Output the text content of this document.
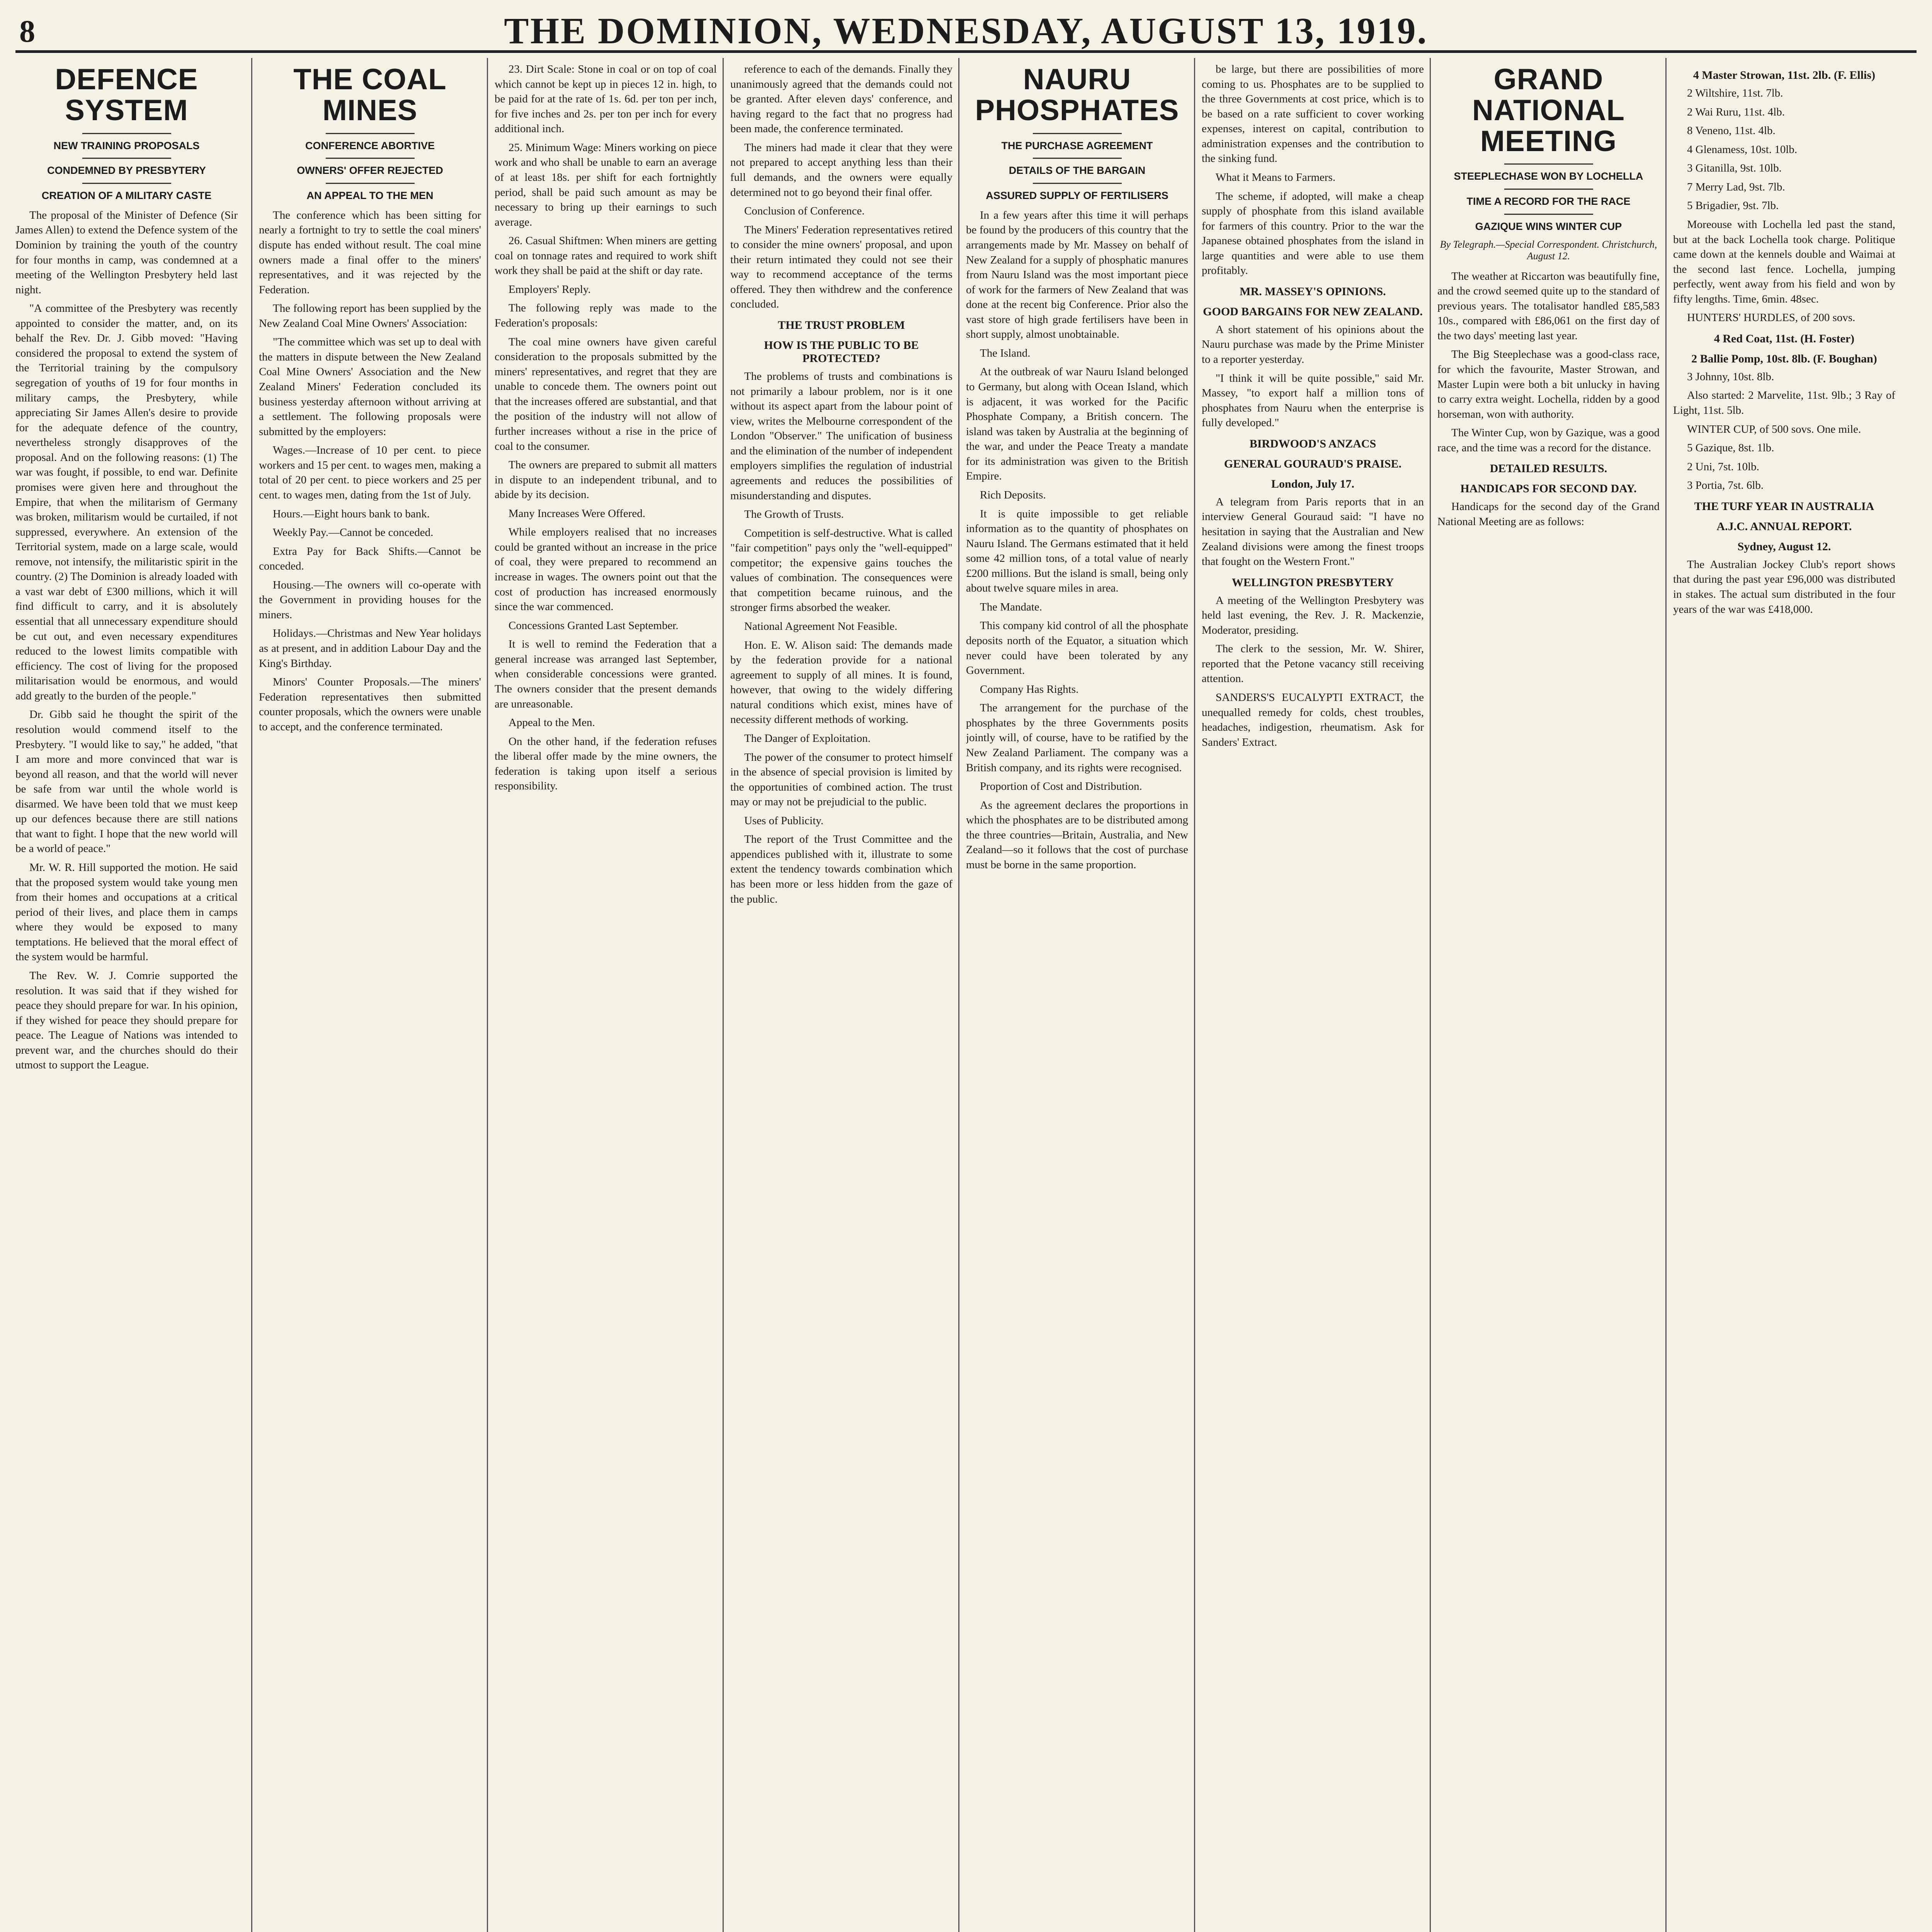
8	THE DOMINION, WEDNESDAY, AUGUST 13, 1919.
DEFENCE SYSTEM
NEW TRAINING PROPOSALS
CONDEMNED BY PRESBYTERY
CREATION OF A MILITARY CASTE

The proposal of the Minister of Defence (Sir James Allen) to extend the Defence system of the Dominion by training the youth of the country for four months in camp, was condemned at a meeting of the Wellington Presbytery held last night.

"A committee of the Presbytery was recently appointed to consider the matter, and, on its behalf the Rev. Dr. J. Gibb moved: "Having considered the proposal to extend the system of the Territorial training by the compulsory segregation of youths of 19 for four months in military camps, the Presbytery, while appreciating Sir James Allen's desire to provide for the adequate defence of the country, nevertheless strongly disapproves of the proposal. And on the following reasons: (1) The war was fought, if possible, to end war. Definite promises were given here and throughout the Empire, that when the militarism of Germany was broken, militarism would be curtailed, if not suppressed, everywhere. An extension of the Territorial system, made on a large scale, would remove, not intensify, the militaristic spirit in the country. (2) The Dominion is already loaded with a vast war debt of £300 millions, which it will find difficult to carry, and it is absolutely essential that all unnecessary expenditure should be cut out, and even necessary expenditures reduced to the lowest limits compatible with efficiency. The cost of living for the proposed militarisation would be enormous, and would add greatly to the burden of the people."

Dr. Gibb said he thought the spirit of the resolution would commend itself to the Presbytery. "I would like to say," he added, "that I am more and more convinced that war is beyond all reason, and that the world will never be safe from war until the whole world is disarmed. We have been told that we must keep up our defences because there are still nations that want to fight. I hope that the new world will be a world of peace."

Mr. W. R. Hill supported the motion. He said that the proposed system would take young men from their homes and occupations at a critical period of their lives, and place them in camps where they would be exposed to many temptations. He believed that the moral effect of the system would be harmful.

The Rev. W. J. Comrie supported the resolution. It was said that if they wished for peace they should prepare for war. In his opinion, if they wished for peace they should prepare for peace. The League of Nations was intended to prevent war, and the churches should do their utmost to support the League.

THE COAL MINES
CONFERENCE ABORTIVE
OWNERS' OFFER REJECTED
AN APPEAL TO THE MEN

The conference which has been sitting for nearly a fortnight to try to settle the coal miners' dispute has ended without result. The coal mine owners made a final offer to the miners' representatives, and it was rejected by the Federation.

The following report has been supplied by the New Zealand Coal Mine Owners' Association:

"The committee which was set up to deal with the matters in dispute between the New Zealand Coal Mine Owners' Association and the New Zealand Miners' Federation concluded its business yesterday afternoon without arriving at a settlement. The following proposals were submitted by the employers:

Wages.—Increase of 10 per cent. to piece workers and 15 per cent. to wages men, making a total of 20 per cent. to piece workers and 25 per cent. to wages men, dating from the 1st of July.

Hours.—Eight hours bank to bank.

Weekly Pay.—Cannot be conceded.

Extra Pay for Back Shifts.—Cannot be conceded.

Housing.—The owners will co-operate with the Government in providing houses for the miners.

Holidays.—Christmas and New Year holidays as at present, and in addition Labour Day and the King's Birthday.

Minors' Counter Proposals.—The miners' Federation representatives then submitted counter proposals, which the owners were unable to accept, and the conference terminated.

23. Dirt Scale: Stone in coal or on top of coal which cannot be kept up in pieces 12 in. high, to be paid for at the rate of 1s. 6d. per ton per inch, for five inches and 2s. per ton per inch for every additional inch.

25. Minimum Wage: Miners working on piece work and who shall be unable to earn an average of at least 18s. per shift for each fortnightly period, shall be paid such amount as may be necessary to bring up their earnings to such average.

26. Casual Shiftmen: When miners are getting coal on tonnage rates and required to work shift work they shall be paid at the shift or day rate.

Employers' Reply.

The following reply was made to the Federation's proposals:

The coal mine owners have given careful consideration to the proposals submitted by the miners' representatives, and regret that they are unable to concede them. The owners point out that the increases offered are substantial, and that the position of the industry will not allow of further increases without a rise in the price of coal to the consumer.

The owners are prepared to submit all matters in dispute to an independent tribunal, and to abide by its decision.

Many Increases Were Offered.

While employers realised that no increases could be granted without an increase in the price of coal, they were prepared to recommend an increase in wages. The owners point out that the cost of production has increased enormously since the war commenced.

Concessions Granted Last September.

It is well to remind the Federation that a general increase was arranged last September, when considerable concessions were granted. The owners consider that the present demands are unreasonable.

Appeal to the Men.

On the other hand, if the federation refuses the liberal offer made by the mine owners, the federation is taking upon itself a serious responsibility.

reference to each of the demands. Finally they unanimously agreed that the demands could not be granted. After eleven days' conference, and having regard to the fact that no progress had been made, the conference terminated.

The miners had made it clear that they were not prepared to accept anything less than their full demands, and the owners were equally determined not to go beyond their final offer.

Conclusion of Conference.

The Miners' Federation representatives retired to consider the mine owners' proposal, and upon their return intimated they could not see their way to recommend acceptance of the terms offered. They then withdrew and the conference concluded.

THE TRUST PROBLEM

HOW IS THE PUBLIC TO BE PROTECTED?

The problems of trusts and combinations is not primarily a labour problem, nor is it one without its aspect apart from the labour point of view, writes the Melbourne correspondent of the London "Observer." The unification of business and the elimination of the number of independent employers simplifies the regulation of industrial agreements and reduces the possibilities of misunderstanding and disputes.

The Growth of Trusts.

Competition is self-destructive. What is called "fair competition" pays only the "well-equipped" competitor; the expensive gains touches the values of combination. The consequences were that competition became ruinous, and the stronger firms absorbed the weaker.

National Agreement Not Feasible.

Hon. E. W. Alison said: The demands made by the federation provide for a national agreement to supply of all mines. It is found, however, that owing to the widely differing natural conditions which exist, mines have of necessity different methods of working.

The Danger of Exploitation.

The power of the consumer to protect himself in the absence of special provision is limited by the opportunities of combined action. The trust may or may not be prejudicial to the public.

Uses of Publicity.

The report of the Trust Committee and the appendices published with it, illustrate to some extent the tendency towards combination which has been more or less hidden from the gaze of the public.

NAURU PHOSPHATES
THE PURCHASE AGREEMENT
DETAILS OF THE BARGAIN
ASSURED SUPPLY OF FERTILISERS

In a few years after this time it will perhaps be found by the producers of this country that the arrangements made by Mr. Massey on behalf of New Zealand for a supply of phosphatic manures from Nauru Island was the most important piece of work for the farmers of New Zealand that was done at the recent big Conference. Prior also the vast store of high grade fertilisers have been in short supply, almost unobtainable.

The Island.

At the outbreak of war Nauru Island belonged to Germany, but along with Ocean Island, which is adjacent, it was worked for the Pacific Phosphate Company, a British concern. The island was taken by Australia at the beginning of the war, and under the Peace Treaty a mandate for its administration was given to the British Empire.

Rich Deposits.

It is quite impossible to get reliable information as to the quantity of phosphates on Nauru Island. The Germans estimated that it held some 42 million tons, of a total value of nearly £200 millions. But the island is small, being only about twelve square miles in area.

The Mandate.

This company kid control of all the phosphate deposits north of the Equator, a situation which never could have been tolerated by any Government.

Company Has Rights.

The arrangement for the purchase of the phosphates by the three Governments posits jointly will, of course, have to be ratified by the New Zealand Parliament. The company was a British company, and its rights were recognised.

Proportion of Cost and Distribution.

As the agreement declares the proportions in which the phosphates are to be distributed among the three countries—Britain, Australia, and New Zealand—so it follows that the cost of purchase must be borne in the same proportion.

be large, but there are possibilities of more coming to us. Phosphates are to be supplied to the three Governments at cost price, which is to be based on a rate sufficient to cover working expenses, interest on capital, contribution to administration expenses and the contribution to the sinking fund.

What it Means to Farmers.

The scheme, if adopted, will make a cheap supply of phosphate from this island available for farmers of this country. Prior to the war the Japanese obtained phosphates from the island in large quantities and were able to use them profitably.

MR. MASSEY'S OPINIONS.

GOOD BARGAINS FOR NEW ZEALAND.

A short statement of his opinions about the Nauru purchase was made by the Prime Minister to a reporter yesterday.

"I think it will be quite possible," said Mr. Massey, "to export half a million tons of phosphates from Nauru when the enterprise is fully developed."

BIRDWOOD'S ANZACS

GENERAL GOURAUD'S PRAISE.

London, July 17.

A telegram from Paris reports that in an interview General Gouraud said: "I have no hesitation in saying that the Australian and New Zealand divisions were among the finest troops that fought on the Western Front."

WELLINGTON PRESBYTERY

A meeting of the Wellington Presbytery was held last evening, the Rev. J. R. Mackenzie, Moderator, presiding.

The clerk to the session, Mr. W. Shirer, reported that the Petone vacancy still receiving attention.

SANDERS'S EUCALYPTI EXTRACT, the unequalled remedy for colds, chest troubles, headaches, indigestion, rheumatism. Ask for Sanders' Extract.

GRAND NATIONAL MEETING
STEEPLECHASE WON BY LOCHELLA
TIME A RECORD FOR THE RACE
GAZIQUE WINS WINTER CUP
By Telegraph.—Special Correspondent. Christchurch, August 12.

The weather at Riccarton was beautifully fine, and the crowd seemed quite up to the standard of previous years. The totalisator handled £85,583 10s., compared with £86,061 on the first day of the two days' meeting last year.

The Big Steeplechase was a good-class race, for which the favourite, Master Strowan, and Master Lupin were both a bit unlucky in having to carry extra weight. Lochella, ridden by a good horseman, won with authority.

The Winter Cup, won by Gazique, was a good race, and the time was a record for the distance.

DETAILED RESULTS.

HANDICAPS FOR SECOND DAY.

Handicaps for the second day of the Grand National Meeting are as follows:

4 Master Strowan, 11st. 2lb. (F. Ellis)

2 Wiltshire, 11st. 7lb.

2 Wai Ruru, 11st. 4lb.

8 Veneno, 11st. 4lb.

4 Glenamess, 10st. 10lb.

3 Gitanilla, 9st. 10lb.

7 Merry Lad, 9st. 7lb.

5 Brigadier, 9st. 7lb.

Moreouse with Lochella led past the stand, but at the back Lochella took charge. Politique came down at the kennels double and Waimai at the second last fence. Lochella, jumping perfectly, went away from his field and won by fifty lengths. Time, 6min. 48sec.

HUNTERS' HURDLES, of 200 sovs.

4 Red Coat, 11st. (H. Foster)

2 Ballie Pomp, 10st. 8lb. (F. Boughan)

3 Johnny, 10st. 8lb.

Also started: 2 Marvelite, 11st. 9lb.; 3 Ray of Light, 11st. 5lb.

WINTER CUP, of 500 sovs. One mile.

5 Gazique, 8st. 1lb.

2 Uni, 7st. 10lb.

3 Portia, 7st. 6lb.

THE TURF YEAR IN AUSTRALIA

A.J.C. ANNUAL REPORT.

Sydney, August 12.

The Australian Jockey Club's report shows that during the past year £96,000 was distributed in stakes. The actual sum distributed in the four years of the war was £418,000.
